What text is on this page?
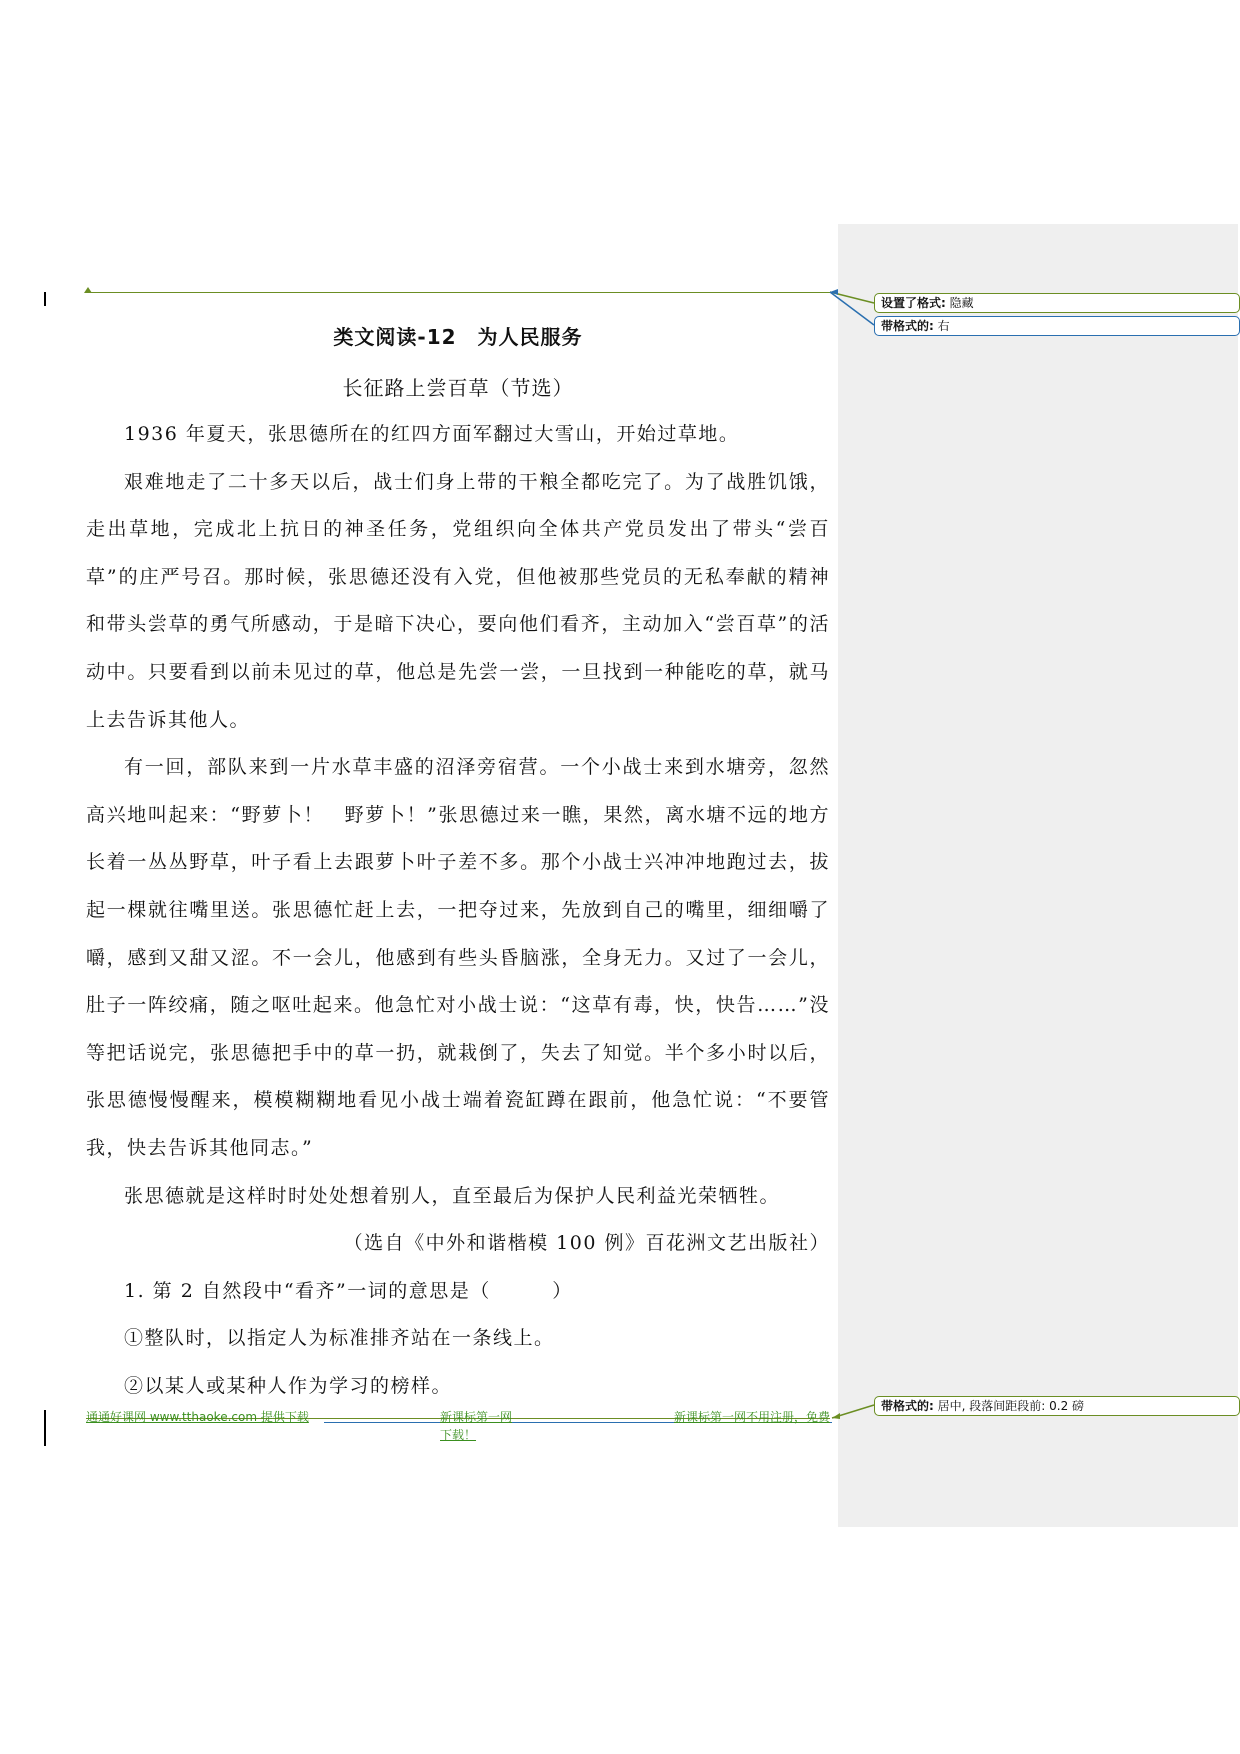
类文阅读-12　为人民服务
长征路上尝百草（节选）

1936 年夏天，张思德所在的红四方面军翻过大雪山，开始过草地。

艰难地走了二十多天以后，战士们身上带的干粮全都吃完了。为了战胜饥饿，走出草地，完成北上抗日的神圣任务，党组织向全体共产党员发出了带头“尝百草”的庄严号召。那时候，张思德还没有入党，但他被那些党员的无私奉献的精神和带头尝草的勇气所感动，于是暗下决心，要向他们看齐，主动加入“尝百草”的活动中。只要看到以前未见过的草，他总是先尝一尝，一旦找到一种能吃的草，就马上去告诉其他人。

有一回，部队来到一片水草丰盛的沼泽旁宿营。一个小战士来到水塘旁，忽然高兴地叫起来：“野萝卜！　野萝卜！”张思德过来一瞧，果然，离水塘不远的地方长着一丛丛野草，叶子看上去跟萝卜叶子差不多。那个小战士兴冲冲地跑过去，拔起一棵就往嘴里送。张思德忙赶上去，一把夺过来，先放到自己的嘴里，细细嚼了嚼，感到又甜又涩。不一会儿，他感到有些头昏脑涨，全身无力。又过了一会儿，肚子一阵绞痛，随之呕吐起来。他急忙对小战士说：“这草有毒，快，快告……”没等把话说完，张思德把手中的草一扔，就栽倒了，失去了知觉。半个多小时以后，张思德慢慢醒来，模模糊糊地看见小战士端着瓷缸蹲在跟前，他急忙说：“不要管我，快去告诉其他同志。”

张思德就是这样时时处处想着别人，直至最后为保护人民利益光荣牺牲。

（选自《中外和谐楷模 100 例》百花洲文艺出版社）

1. 第 2 自然段中“看齐”一词的意思是（　　　）

①整队时，以指定人为标准排齐站在一条线上。

②以某人或某种人作为学习的榜样。

通通好课网 www.tthaoke.com 提供下载	新课标第一网
下载！
新课标第一网不用注册，免费
设置了格式: 隐藏
带格式的: 右
带格式的: 居中, 段落间距段前: 0.2 磅
